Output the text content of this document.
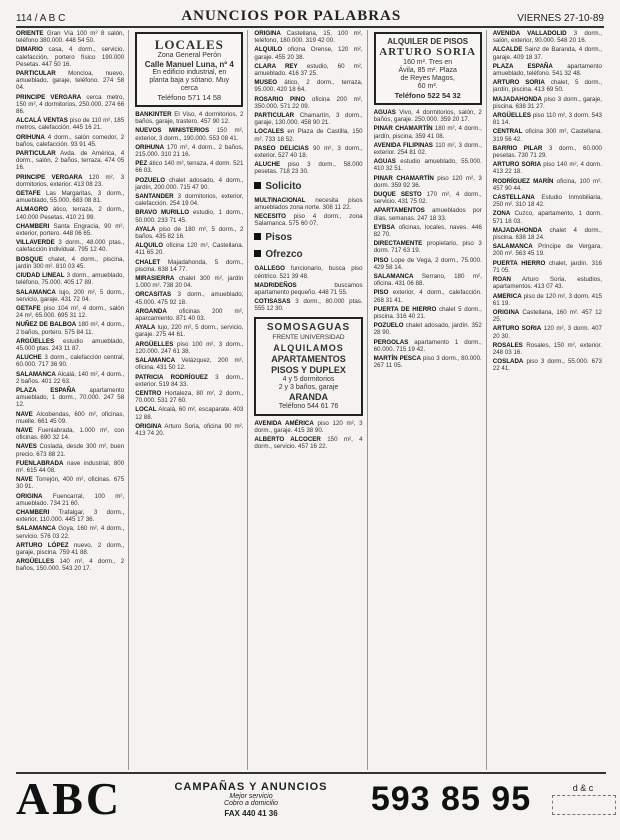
114 / A B C	ANUNCIOS POR PALABRAS	VIERNES 27-10-89

ORIENTE Gran Vía 100 m² 8 salón, teléfono 380.000. 448 54 50.

DIMARIO casa, 4 dorm., servicio, calefacción, portero físico 190.000 Pesetas. 447 50 16.

PARTICULAR Moncloa, nuevo, amueblado, garaje, teléfono. 274 58 04.

PRINCIPE VERGARA cerca metro, 150 m², 4 dormitorios, 250.000. 274 66 86.

ALCALÁ VENTAS piso de 110 m², 185 metros, calefacción. 445 16 21.

ORIHUNA 4 dorm., salón comedor, 2 baños, calefacción. 93 91 45.

PARTICULAR Avda. de América, 4 dorm., salón, 2 baños, terraza. 474 05 16.

PRINCIPE VERGARA 120 m², 3 dormitorios, exterior. 413 08 23.

GETAFE Las Margaritas, 3 dorm., amueblado, 55.000. 683 08 81.

ALMAGRO ático, terraza, 2 dorm., 140.000 Pesetas. 410 21 99.

CHAMBERI Santa Engracia, 90 m², exterior, portero. 448 06 65.

VILLAVERDE 3 dorm., 48.000 ptas., calefacción individual. 795 12 40.

BOSQUE chalet, 4 dorm., piscina, jardín 300 m². 810 03 45.

CIUDAD LINEAL 3 dorm., amueblado, teléfono, 75.000. 405 17 89.

SALAMANCA lujo, 200 m², 5 dorm., servicio, garaje. 431 72 04.

GETAFE piso 104 m², 4 dorm., salón 24 m², 65.000. 695 31 12.

NUÑEZ DE BALBOA 180 m², 4 dorm., 2 baños, portero. 575 84 11.

ARGÜELLES estudio amueblado, 45.000 ptas. 243 11 87.

ALUCHE 3 dorm., calefacción central, 60.000. 717 36 90.

SALAMANCA Alcalá, 140 m², 4 dorm., 2 baños. 401 22 63.

PLAZA ESPAÑA apartamento amueblado, 1 dorm., 70.000. 247 58 12.

NAVE Alcobendas, 600 m², oficinas, muelle. 661 45 09.

NAVE Fuenlabrada, 1.000 m², con oficinas. 690 32 14.

NAVES Coslada, desde 300 m², buen precio. 673 88 21.

FUENLABRADA nave industrial, 800 m². 615 44 08.

NAVE Torrejón, 400 m², oficinas. 675 30 91.

ORIGINA Fuencarral, 100 m², amueblado. 734 21 60.

CHAMBERI Trafalgar, 3 dorm., exterior, 110.000. 445 17 36.

SALAMANCA Goya, 160 m², 4 dorm., servicio. 576 03 22.

ARTURO LÓPEZ nuevo, 2 dorm., garaje, piscina. 759 41 88.

ARGÜELLES 140 m², 4 dorm., 2 baños, 150.000. 543 20 17.

LOCALES
Zona General Perón
Calle Manuel Luna, nº 4
En edificio industrial, en
planta baja y sótano. Muy cerca
Teléfono 571 14 58

BANKINTER El Viso, 4 dormitorios, 2 baños, garaje, trastero. 457 90 12.

NUEVOS MINISTERIOS 150 m², exterior, 3 dorm., 190.000. 553 08 41.

ORIHUNA 170 m², 4 dorm., 2 baños, 215.000. 310 21 16.

PEZ ático 140 m², terraza, 4 dorm. 521 66 03.

POZUELO chalet adosado, 4 dorm., jardín, 200.000. 715 47 90.

SANTANDER 3 dormitorios, exterior, calefacción. 254 19 04.

BRAVO MURILLO estudio, 1 dorm., 50.000. 233 71 45.

AYALA piso de 180 m², 5 dorm., 2 baños. 435 82 16.

ALQUILO oficina 120 m², Castellana. 411 65 20.

CHALET Majadahonda, 5 dorm., piscina. 638 14 77.

MIRASIERRA chalet 300 m², jardín 1.000 m². 738 20 04.

ORCASITAS 3 dorm., amueblado, 45.000. 475 92 18.

ARGANDA oficinas 200 m², aparcamiento. 871 40 03.

AYALA lujo, 220 m², 5 dorm., servicio, garaje. 275 44 61.

ARGÜELLES piso 100 m², 3 dorm., 120.000. 247 61 38.

SALAMANCA Velázquez, 200 m², oficina. 431 50 12.

PATRICIA RODRÍGUEZ 3 dorm., exterior. 519 84 33.

CENTRO Hortaleza, 80 m², 2 dorm., 70.000. 531 27 60.

LOCAL Alcalá, 60 m², escaparate. 403 12 88.

ORIGINA Arturo Soria, oficina 90 m². 413 74 20.

ORIGINA Castellana, 15, 100 m², teléfono, 180.000. 319 42 00.

ALQUILO oficina Orense, 120 m², garaje. 455 20 38.

CLARA REY estudio, 60 m², amueblado. 416 37 25.

MUSEO ático, 2 dorm., terraza, 95.000. 420 18 64.

ROSARIO PINO oficina 200 m², 350.000. 571 22 09.

PARTICULAR Chamartín, 3 dorm., garaje, 130.000. 458 90 21.

LOCALES en Plaza de Castilla, 150 m². 733 18 52.

PASEO DELICIAS 90 m², 3 dorm., exterior. 527 40 18.

ALUCHE piso 3 dorm., 58.000 pesetas. 718 23 30.

Solicito

MULTINACIONAL necesita pisos amueblados zona norte. 308 11 22.

NECESITO piso 4 dorm., zona Salamanca. 575 60 07.

Pisos
Ofrezco

GALLEGO funcionario, busca piso céntrico. 521 39 48.

MADRIDEÑOS buscamos apartamento pequeño. 448 71 55.

COTISASAS 3 dorm., 80.000 ptas. 555 12 30.

SOMOSAGUAS
FRENTE UNIVERSIDAD
ALQUILAMOS
APARTAMENTOS
PISOS Y DUPLEX
4 y 5 dormitorios
2 y 3 baños, garaje
ARANDA
Teléfono 544 61 76

AVENIDA AMÉRICA piso 120 m², 3 dorm., garaje. 415 38 90.

ALBERTO ALCOCER 150 m², 4 dorm., servicio. 457 16 22.

ALQUILER DE PISOS
ARTURO SORIA
160 m². Tres en
Ávila, 85 m². Plaza
de Reyes Magos,
60 m².
Teléfono 522 54 32

AGUAS Vivo, 4 dormitorios, salón, 2 baños, garaje. 250.000. 359 20 17.

PINAR CHAMARTÍN 180 m², 4 dorm., jardín, piscina. 359 41 08.

AVENIDA FILIPINAS 110 m², 3 dorm., exterior. 254 81 02.

AGUAS estudio amueblado, 55.000. 410 32 51.

PINAR CHAMARTÍN piso 120 m², 3 dorm. 359 92 36.

DUQUE SESTO 170 m², 4 dorm., servicio. 431 75 02.

APARTAMENTOS amueblados por días, semanas. 247 18 33.

EYBSA oficinas, locales, naves. 446 82 70.

DIRECTAMENTE propietario, piso 3 dorm. 717 63 19.

PISO Lope de Vega, 2 dorm., 75.000. 429 58 14.

SALAMANCA Serrano, 180 m², oficina. 431 06 88.

PISO exterior, 4 dorm., calefacción. 268 31 41.

PUERTA DE HIERRO chalet 5 dorm., piscina. 316 40 21.

POZUELO chalet adosado, jardín. 352 28 90.

PERGOLAS apartamento 1 dorm., 60.000. 715 19 42.

MARTÍN PESCA piso 3 dorm., 80.000. 267 11 05.

AVENIDA VALLADOLID 3 dorm., salón, exterior, 90.000. 548 20 16.

ALCALDE Sainz de Baranda, 4 dorm., garaje. 409 18 37.

PLAZA ESPAÑA apartamento amueblado, teléfono. 541 32 48.

ARTURO SORIA chalet, 5 dorm., jardín, piscina. 413 69 50.

MAJADAHONDA piso 3 dorm., garaje, piscina. 638 31 27.

ARGÜELLES piso 110 m², 3 dorm. 543 81 14.

CENTRAL oficina 300 m², Castellana. 319 56 42.

BARRIO PILAR 3 dorm., 60.000 pesetas. 730 71 29.

ARTURO SORIA piso 140 m², 4 dorm. 413 22 18.

RODRÍGUEZ MARÍN oficina, 100 m². 457 90 44.

CASTELLANA Estudio Inmobiliaria, 250 m². 310 18 42.

ZONA Cuzco, apartamento, 1 dorm. 571 18 03.

MAJADAHONDA chalet 4 dorm., piscina. 638 18 24.

SALAMANCA Príncipe de Vergara, 200 m². 563 45 19.

PUERTA HIERRO chalet, jardín. 316 71 05.

ROAN Arturo Soria, estudios, apartamentos. 413 07 43.

AMERICA piso de 120 m², 3 dorm. 415 61 19.

ORIGINA Castellana, 160 m². 457 12 25.

ARTURO SORIA 120 m², 3 dorm. 407 20 30.

ROSALES Rosales, 150 m², exterior. 248 03 16.

COSLADA piso 3 dorm., 55.000. 673 22 41.

ABC	CAMPAÑAS Y ANUNCIOS
Mejor servicio
Cobro a domicilio
FAX 440 41 36	593 85 95	d & c
